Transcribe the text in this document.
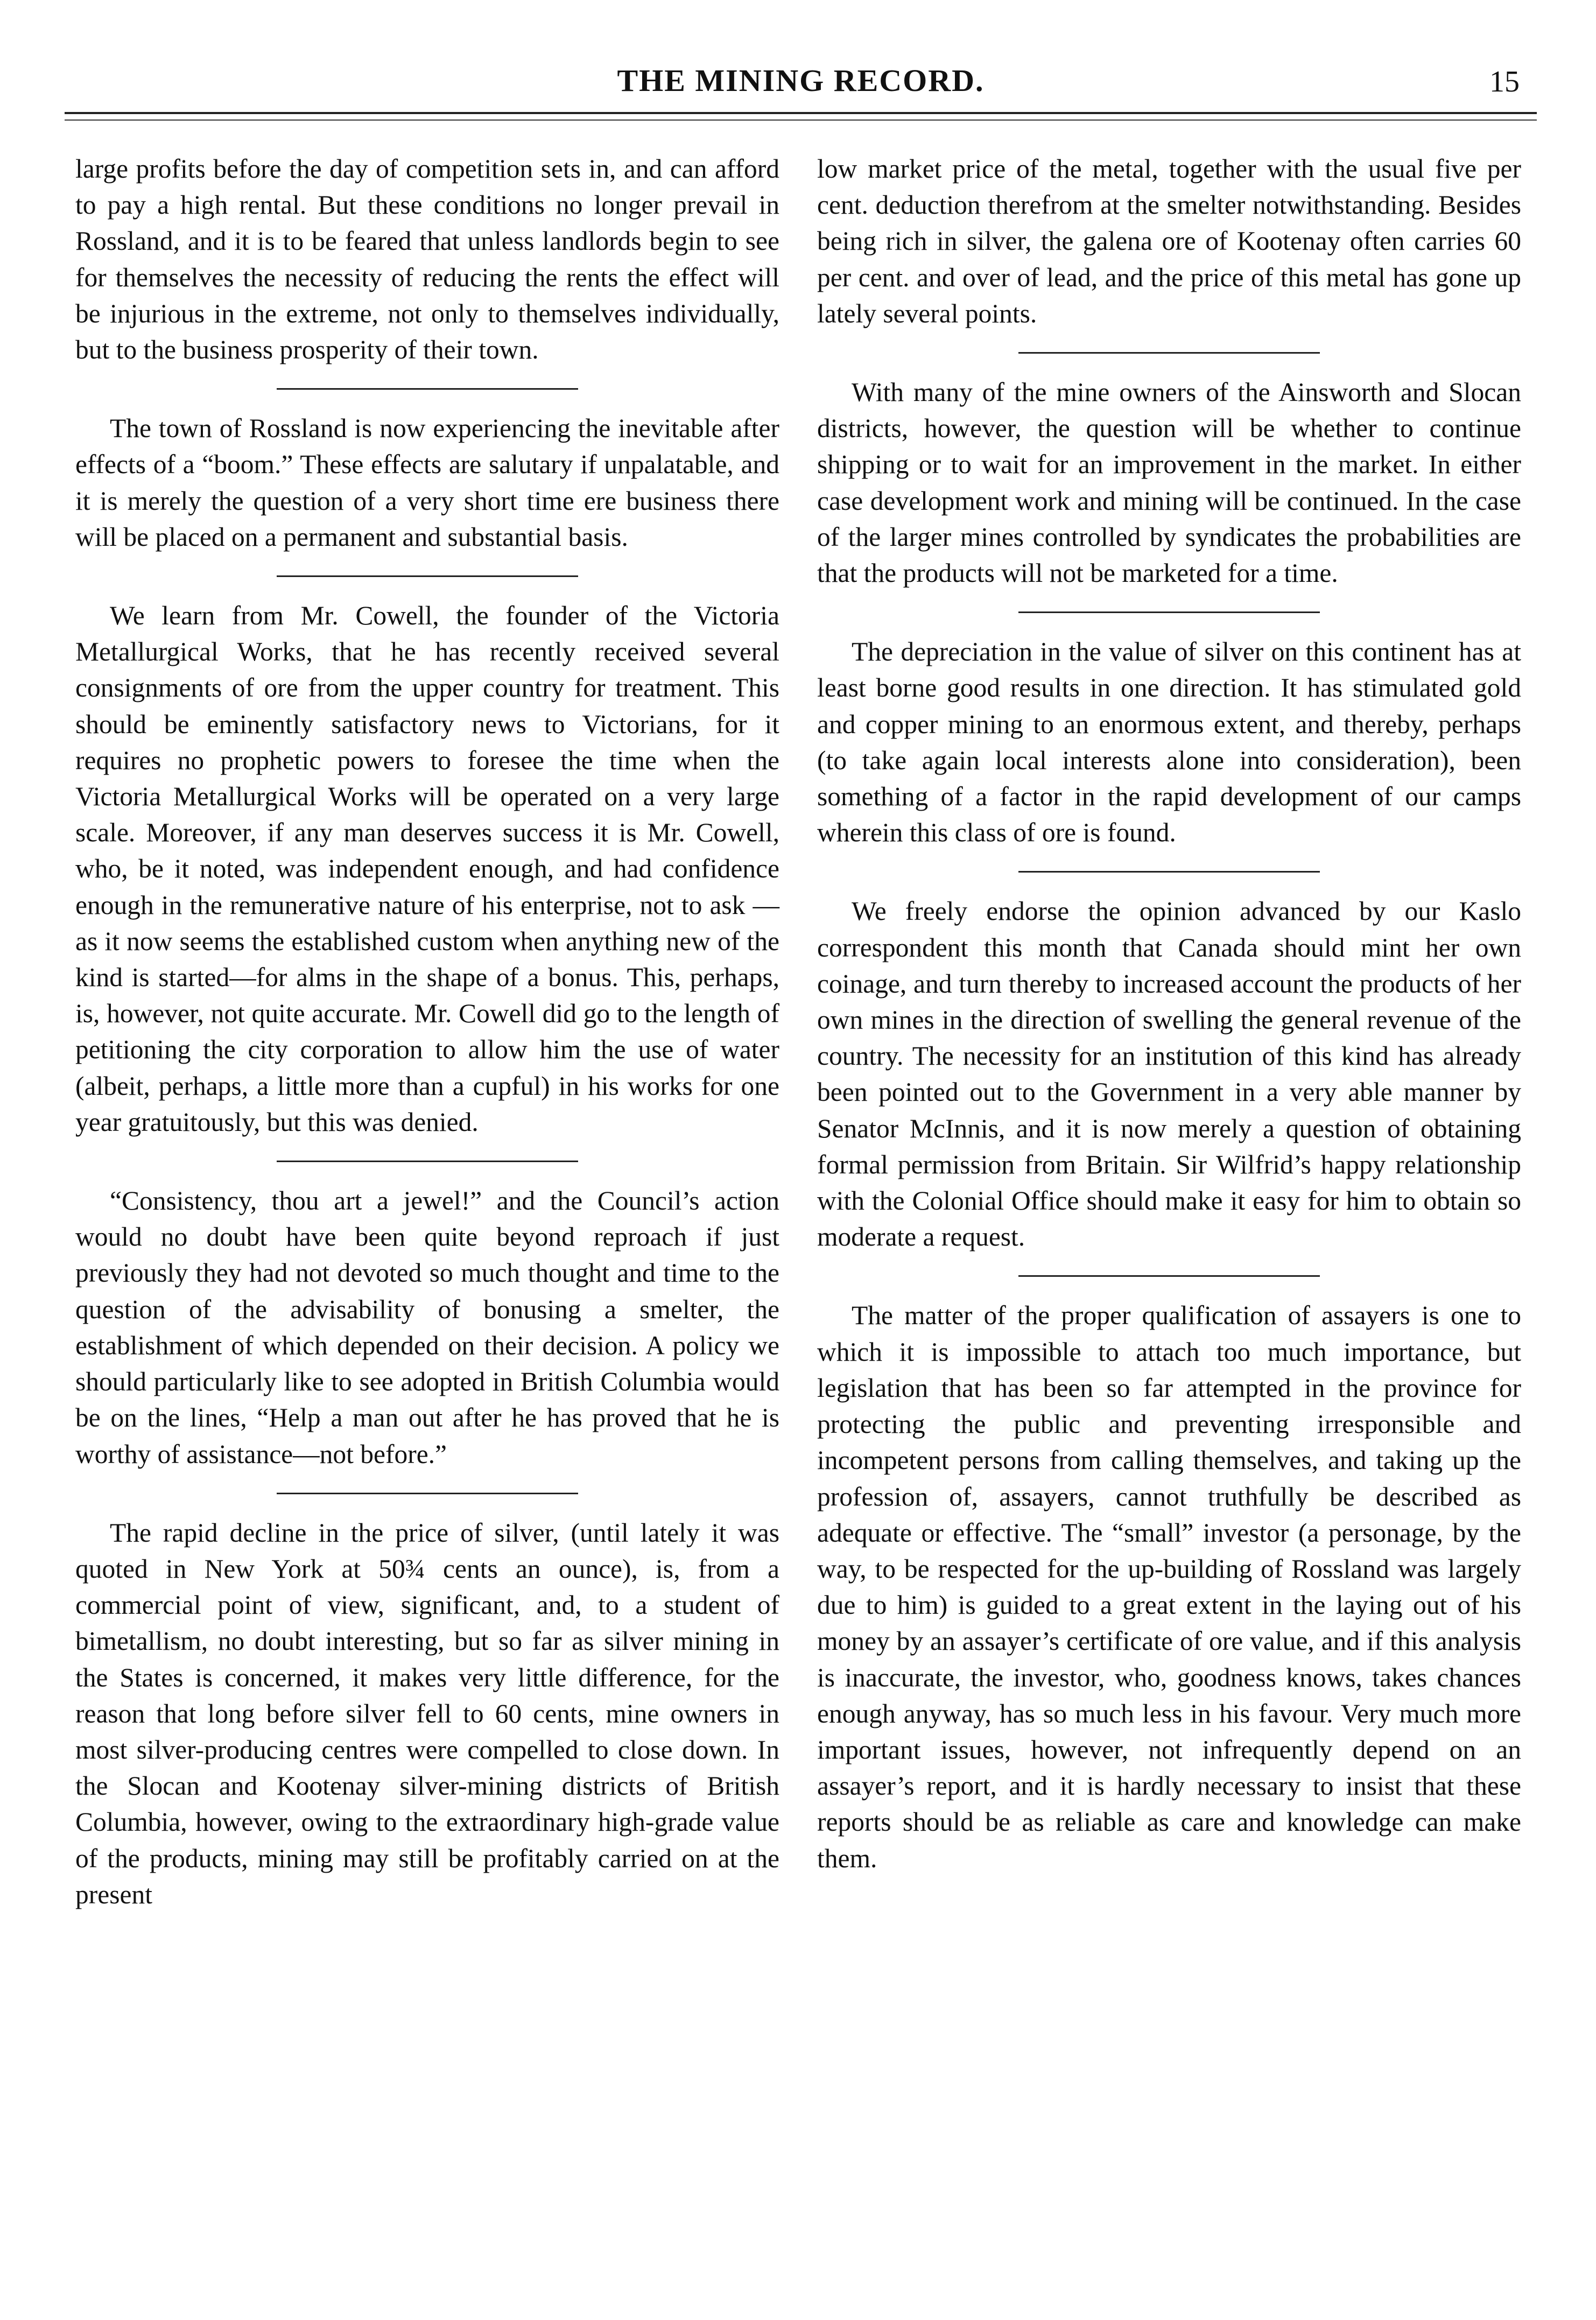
THE MINING RECORD.	15

large profits before the day of competition sets in, and can afford to pay a high rental. But these conditions no longer prevail in Rossland, and it is to be feared that unless landlords begin to see for themselves the necessity of reducing the rents the effect will be injurious in the extreme, not only to themselves individually, but to the business prosperity of their town.

The town of Rossland is now experiencing the inevitable after effects of a “boom.” These effects are salutary if unpalatable, and it is merely the question of a very short time ere business there will be placed on a permanent and substantial basis.

We learn from Mr. Cowell, the founder of the Victoria Metallurgical Works, that he has recently received several consignments of ore from the upper country for treatment. This should be eminently satisfactory news to Victorians, for it requires no prophetic powers to foresee the time when the Victoria Metallurgical Works will be operated on a very large scale. Moreover, if any man deserves success it is Mr. Cowell, who, be it noted, was independent enough, and had confidence enough in the remunerative nature of his enterprise, not to ask —as it now seems the established custom when anything new of the kind is started—for alms in the shape of a bonus. This, perhaps, is, however, not quite accurate. Mr. Cowell did go to the length of petitioning the city corporation to allow him the use of water (albeit, perhaps, a little more than a cupful) in his works for one year gratuitously, but this was denied.

“Consistency, thou art a jewel!” and the Council’s action would no doubt have been quite beyond reproach if just previously they had not devoted so much thought and time to the question of the advisability of bonusing a smelter, the establishment of which depended on their decision. A policy we should particularly like to see adopted in British Columbia would be on the lines, “Help a man out after he has proved that he is worthy of assistance—not before.”

The rapid decline in the price of silver, (until lately it was quoted in New York at 50¾ cents an ounce), is, from a commercial point of view, significant, and, to a student of bimetallism, no doubt interesting, but so far as silver mining in the States is concerned, it makes very little difference, for the reason that long before silver fell to 60 cents, mine owners in most silver-producing centres were compelled to close down. In the Slocan and Kootenay silver-mining districts of British Columbia, however, owing to the extraordinary high-grade value of the products, mining may still be profitably carried on at the present

low market price of the metal, together with the usual five per cent. deduction therefrom at the smelter notwithstanding. Besides being rich in silver, the galena ore of Kootenay often carries 60 per cent. and over of lead, and the price of this metal has gone up lately several points.

With many of the mine owners of the Ainsworth and Slocan districts, however, the question will be whether to continue shipping or to wait for an improvement in the market. In either case development work and mining will be continued. In the case of the larger mines controlled by syndicates the probabilities are that the products will not be marketed for a time.

The depreciation in the value of silver on this continent has at least borne good results in one direction. It has stimulated gold and copper mining to an enormous extent, and thereby, perhaps (to take again local interests alone into consideration), been something of a factor in the rapid development of our camps wherein this class of ore is found.

We freely endorse the opinion advanced by our Kaslo correspondent this month that Canada should mint her own coinage, and turn thereby to increased account the products of her own mines in the direction of swelling the general revenue of the country. The necessity for an institution of this kind has already been pointed out to the Government in a very able manner by Senator McInnis, and it is now merely a question of obtaining formal permission from Britain. Sir Wilfrid’s happy relationship with the Colonial Office should make it easy for him to obtain so moderate a request.

The matter of the proper qualification of assayers is one to which it is impossible to attach too much importance, but legislation that has been so far attempted in the province for protecting the public and preventing irresponsible and incompetent persons from calling themselves, and taking up the profession of, assayers, cannot truthfully be described as adequate or effective. The “small” investor (a personage, by the way, to be respected for the up-building of Rossland was largely due to him) is guided to a great extent in the laying out of his money by an assayer’s certificate of ore value, and if this analysis is inaccurate, the investor, who, goodness knows, takes chances enough anyway, has so much less in his favour. Very much more important issues, however, not infrequently depend on an assayer’s report, and it is hardly necessary to insist that these reports should be as reliable as care and knowledge can make them.
